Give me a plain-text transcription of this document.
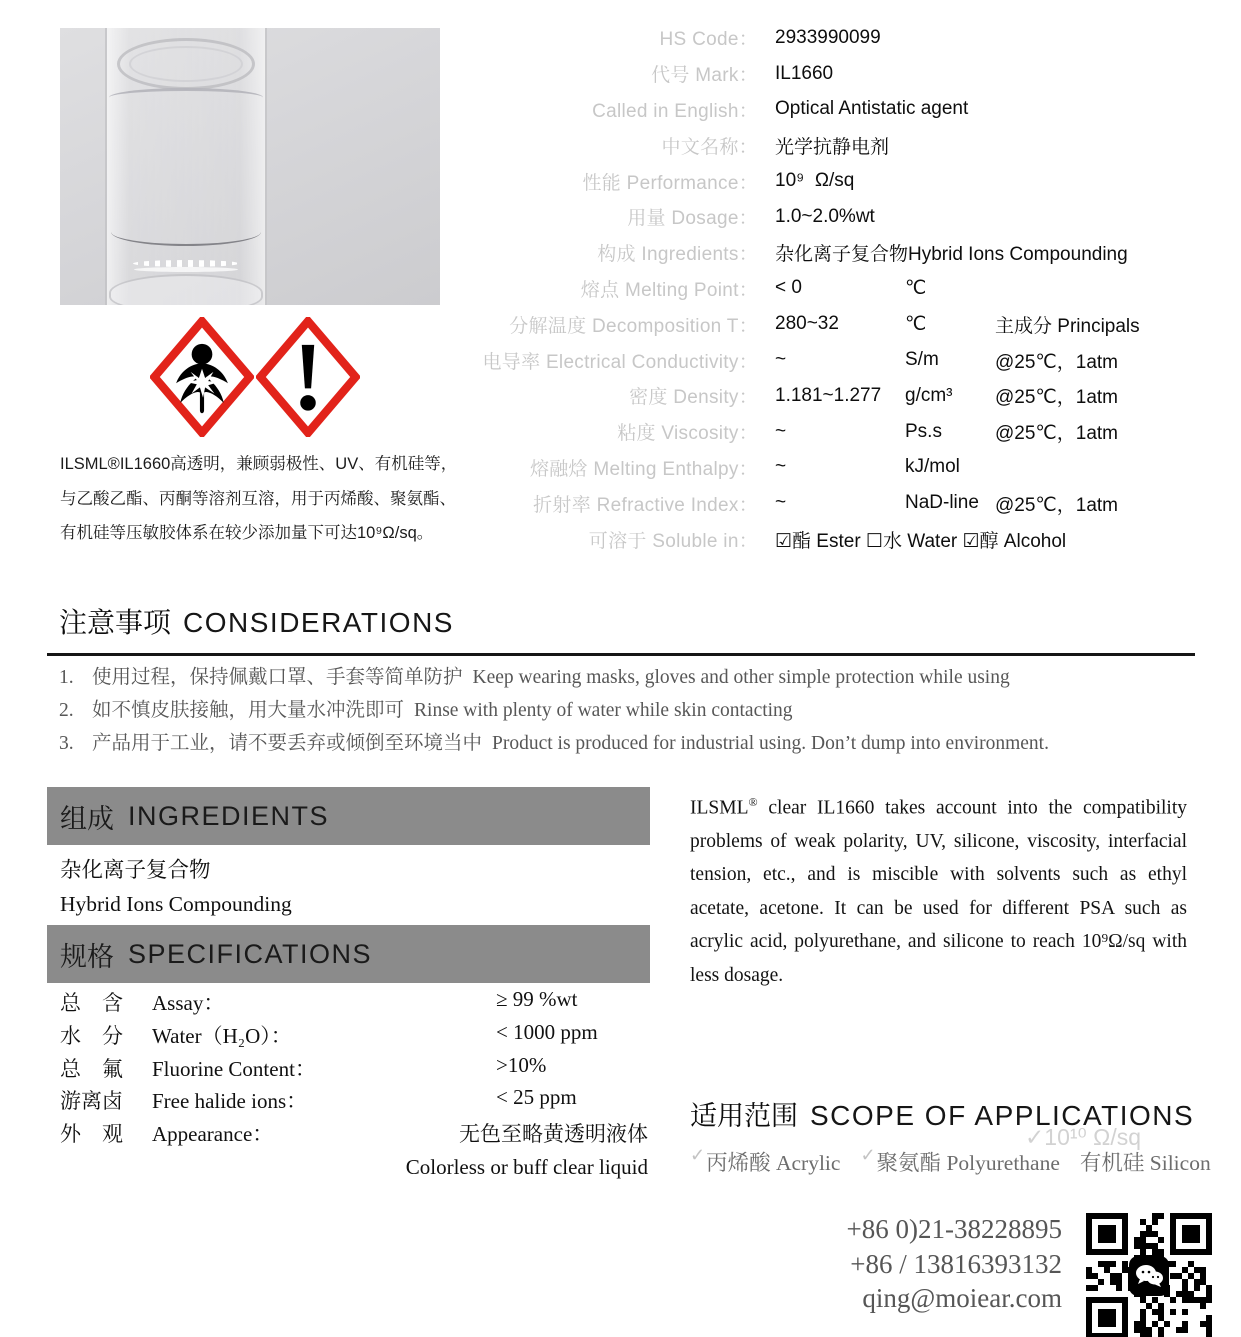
HS Code： 2933990099
代号 Mark： IL1660
Called in English： Optical Antistatic agent
中文名称： 光学抗静电剂
性能 Performance： 10⁹  Ω/sq
用量 Dosage： 1.0~2.0%wt
构成 Ingredients： 杂化离子复合物Hybrid Ions Compounding
熔点 Melting Point： < 0	℃
分解温度 Decomposition T： 280~32	℃	主成分 Principals
电导率 Electrical Conductivity： ~	S/m	@25℃，1atm
密度 Density： 1.181~1.277	g/cm³	@25℃，1atm
粘度 Viscosity： ~	Ps.s	@25℃，1atm
熔融焓 Melting Enthalpy： ~	kJ/mol
折射率 Refractive Index： ~	NaD-line @25℃，1atm
可溶于 Soluble in： ☑酯 Ester ☐水 Water ☑醇 Alcohol
ILSML®IL1660高透明，兼顾弱极性、UV、有机硅等，与乙酸乙酯、丙酮等溶剂互溶，用于丙烯酸、聚氨酯、有机硅等压敏胶体系在较少添加量下可达10⁹Ω/sq。
注意事项 CONSIDERATIONS
1. 使用过程，保持佩戴口罩、手套等简单防护 Keep wearing masks, gloves and other simple protection while using
2. 如不慎皮肤接触，用大量水冲洗即可 Rinse with plenty of water while skin contacting
3. 产品用于工业，请不要丢弃或倾倒至环境当中 Product is produced for industrial using. Don’t dump into environment.
组成 INGREDIENTS
杂化离子复合物
Hybrid Ions Compounding
规格 SPECIFICATIONS
总　含 Assay：	≥ 99 %wt
水　分 Water（H₂O）：	< 1000 ppm
总　氟 Fluorine Content：	>10%
游离卤 Free halide ions：	< 25 ppm
外　观 Appearance：	无色至略黄透明液体
Colorless or buff clear liquid
ILSML® clear IL1660 takes account into the compatibility problems of weak polarity, UV, silicone, viscosity, interfacial tension, etc., and is miscible with solvents such as ethyl acetate, acetone. It can be used for different PSA such as acrylic acid, polyurethane, and silicone to reach 10⁹Ω/sq with less dosage.
适用范围 SCOPE OF APPLICATIONS
✓10¹⁰ Ω/sq
✓丙烯酸 Acrylic ✓聚氨酯 Polyurethane 有机硅 Silicon
+86 0)21-38228895
+86 / 13816393132
qing@moiear.com
